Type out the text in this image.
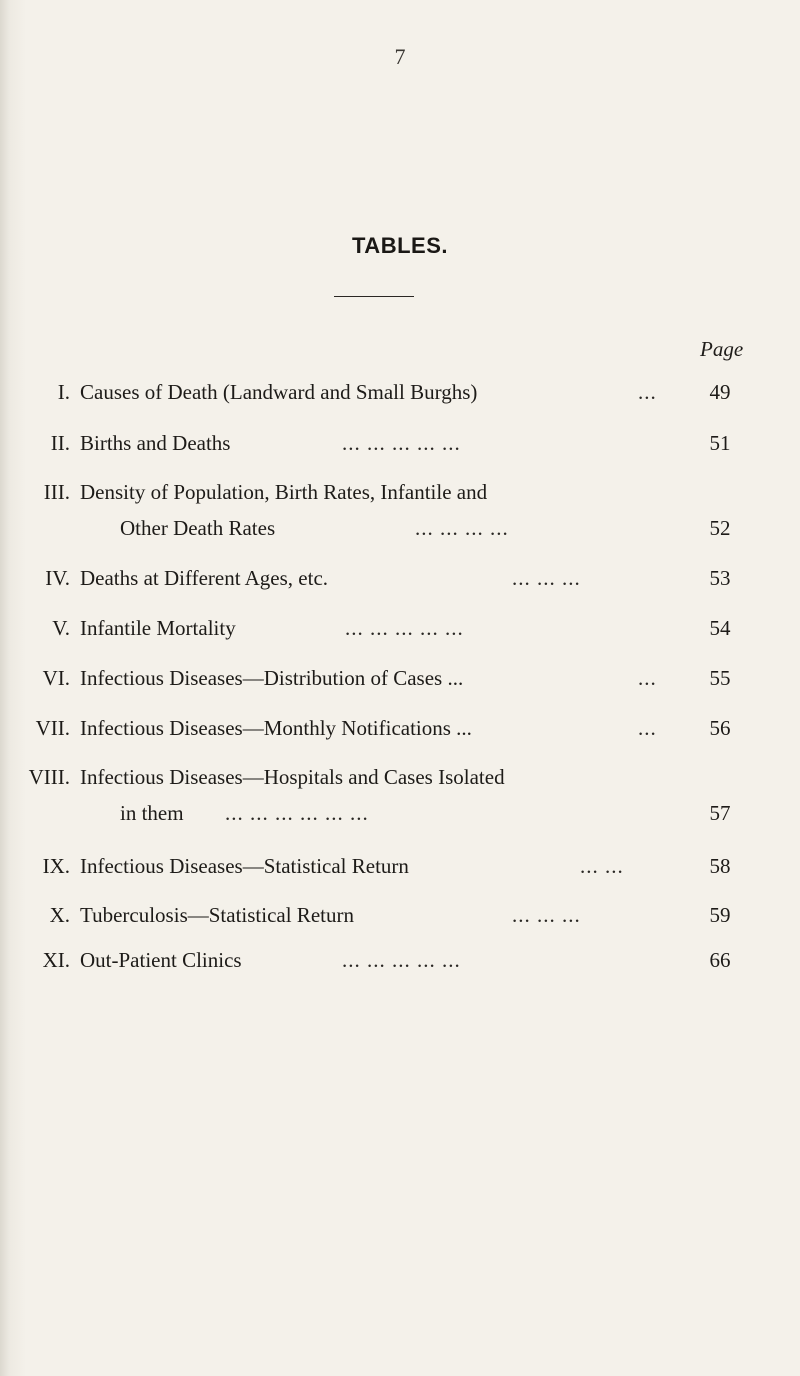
7
TABLES.
Page
I. Causes of Death (Landward and Small Burghs)	...	49
II. Births and Deaths	... ... ... ... ...	51
III. Density of Population, Birth Rates, Infantile and
Other Death Rates	... ... ... ...	52
IV. Deaths at Different Ages, etc.	... ... ...	53
V. Infantile Mortality	... ... ... ... ...	54
VI. Infectious Diseases—Distribution of Cases ...	...	55
VII. Infectious Diseases—Monthly Notifications ...	...	56
VIII. Infectious Diseases—Hospitals and Cases Isolated
in them ... ... ... ... ... ...	57
IX. Infectious Diseases—Statistical Return	... ...	58
X. Tuberculosis—Statistical Return	... ... ...	59
XI. Out-Patient Clinics	... ... ... ... ...	66
